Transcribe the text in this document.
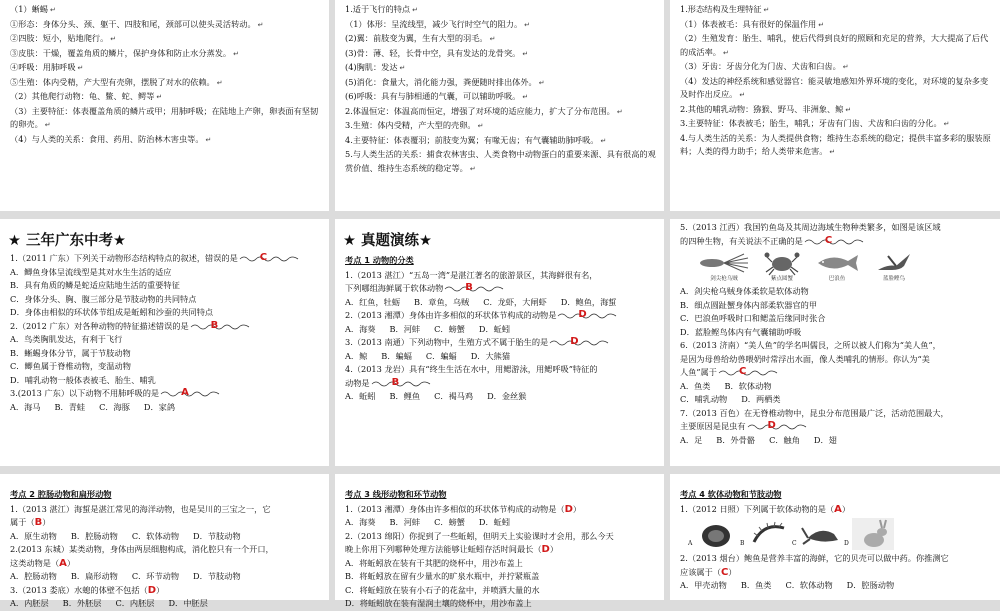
（1）蜥蜴 ↵
①形态：身体分头、颈、躯干、四肢和尾，颈部可以使头灵活转动。 ↵
②四肢：短小，贴地爬行。 ↵
③皮肤：干燥，覆盖角质的鳞片，保护身体和防止水分蒸发。 ↵
④呼吸：用肺呼吸 ↵
⑤生殖：体内受精，产大型有壳卵，摆脱了对水的依赖。 ↵
（2）其他爬行动物：龟、鳖、蛇、鳄等 ↵
（3）主要特征：体表覆盖角质的鳞片或甲；用肺呼吸；在陆地上产卵，卵表面有坚韧的卵壳。 ↵
（4）与人类的关系：食用、药用、防治林木害虫等。 ↵
1.适于飞行的特点 ↵
（1）体形：呈流线型，减少飞行时空气的阻力。 ↵
(2)翼：前肢变为翼，生有大型的羽毛。 ↵
(3)骨：薄、轻，长骨中空，具有发达的龙骨突。 ↵
(4)胸肌：发达 ↵
(5)消化：食量大，消化能力强，粪便随时排出体外。 ↵
(6)呼吸：具有与肺相通的气囊，可以辅助呼吸。 ↵
2.体温恒定：体温高而恒定，增强了对环境的适应能力，扩大了分布范围。 ↵
3.生殖：体内受精，产大型的壳卵。 ↵
4.主要特征：体表覆羽；前肢变为翼；有喙无齿；有气囊辅助肺呼吸。 ↵
5.与人类生活的关系：捕食农林害虫、人类食物中动物蛋白的重要来源、具有很高的观赏价值、维持生态系统的稳定等。 ↵
1.形态结构及生理特征 ↵
（1）体表被毛：具有很好的保温作用 ↵
（2）生殖发育：胎生、哺乳，使后代得到良好的照顾和充足的营养，大大提高了后代的成活率。 ↵
（3）牙齿：牙齿分化为门齿、犬齿和臼齿。 ↵
（4）发达的神经系统和感觉器官：能灵敏地感知外界环境的变化，对环境的复杂多变及时作出反应。 ↵
2.其他的哺乳动物：猕猴、野马、非洲象、鲸 ↵
3.主要特征：体表被毛；胎生，哺乳；牙齿有门齿、犬齿和臼齿的分化。 ↵
4.与人类生活的关系：为人类提供食物；维持生态系统的稳定；提供丰富多彩的服装原料；人类的得力助手；给人类带来危害。 ↵
★ 三年广东中考★
1.（2011 广东）下列关于动物形态结构特点的叙述，错误的是 C
A．鲫鱼身体呈流线型是其对水生生活的适应
B．具有角质的鳞是蛇适应陆地生活的重要特征
C．身体分头、胸、腹三部分是节肢动物的共同特点
D．身体由相似的环状体节组成是蚯蚓和沙蚕的共同特点
2.（2012 广东）对各种动物的特征描述错误的是 B
A．鸟类胸肌发达，有利于飞行
B．蜥蜴身体分节，属于节肢动物
C．鲫鱼属于脊椎动物，变温动物
D．哺乳动物一般体表被毛、胎生、哺乳
3.(2013 广东）以下动物不用肺呼吸的是 A
A．海马 B．青蛙 C．海豚 D．家鸽
★ 真题演练★
考点 1 动物的分类
1.（2013 湛江）“五岛一湾”是湛江著名的旅游景区，其海鲜很有名，
下列哪组海鲜属于软体动物 B
A．红鱼，牡蛎 B．章鱼，乌贼 C．龙虾，大闸虾 D．鲍鱼，海蜇
2.（2013 湘潭）身体由许多相似的环状体节构成的动物是 D
A．海葵 B．河蚌 C．螃蟹 D．蚯蚓
3.（2013 南通）下列动物中，生殖方式不属于胎生的是 D
A．鲸 B．蝙蝠 C．蝙蝠 D．大熊猫
4.（2013 龙岩）具有“终生生活在水中，用鳃游泳，用鳃呼吸”特征的
动物是 B
A．蚯蚓 B．鲤鱼 C．褐马鸡 D．金丝猴
5.（2013 江西）我国钓鱼岛及其周边海域生物种类繁多，如图是该区域
的四种生物，有关说法不正确的是 C
剑尖枪乌贼	紫点圆蟹	巴浪鱼	蓝脸鲣鸟
A．剑尖枪乌贼身体柔软是软体动物
B．细点圆趾蟹身体内部柔软器官的甲
C．巴浪鱼呼吸时口和鳃盖后缘同时张合
D．蓝脸鲣鸟体内有气囊辅助呼吸
6.（2013 济南）“美人鱼”的学名叫儒艮，之所以被人们称为“美人鱼”，
是因为母兽给幼兽喂奶时常浮出水面，像人类哺乳的情形。你认为“美
人鱼”属于 C
A．鱼类 B．软体动物
C．哺乳动物 D．两栖类
7.（2013 百色）在无脊椎动物中，昆虫分布范围最广泛，活动范围最大，
主要原因是昆虫有 D
A．足 B．外骨骼 C．触角 D．翅
考点 2 腔肠动物和扁形动物
1.（2013 湛江）海蜇是湛江常见的海洋动物，也是吴川的三宝之一，它
属于（B）
A．原生动物 B．腔肠动物 C．软体动物 D．节肢动物
2.(2013 东城）某类动物，身体由两层细胞构成，消化腔只有一个开口，
这类动物是（A）
A．腔肠动物 B．扁形动物 C．环节动物 D．节肢动物
3.（2013 娄底）水螅的体壁不包括（D）
A．内胚层 B．外胚层 C．内胚层 D．中胚层
考点 3 线形动物和环节动物
1.（2013 湘潭）身体由许多相似的环状体节构成的动物是（D）
A．海葵 B．河蚌 C．螃蟹 D．蚯蚓
2.（2013 绵阳）你捉到了一些蚯蚓，但明天上实验课时才会用，那么今天
晚上你用下列哪种处理方法能够让蚯蚓存活时间最长（D）
A．将蚯蚓放在装有干其肥的烧杯中，用沙布盖上
B．将蚯蚓放在留有少量水的旷泉水瓶中，并拧紧瓶盖
C．将蚯蚓放在装有小石子的花盆中，并喷洒大量的水
D．将蚯蚓放在装有湿润土壤的烧杯中，用沙布盖上
考点 4 软体动物和节肢动物
1.（2012 日照）下列属于软体动物的是（A）
A	B	C	D
2.（2013 烟台）鲍鱼是营养丰富的海鲜，它的贝壳可以做中药。你推测它
应该属于（C）
A．甲壳动物 B．鱼类 C．软体动物 D．腔肠动物
